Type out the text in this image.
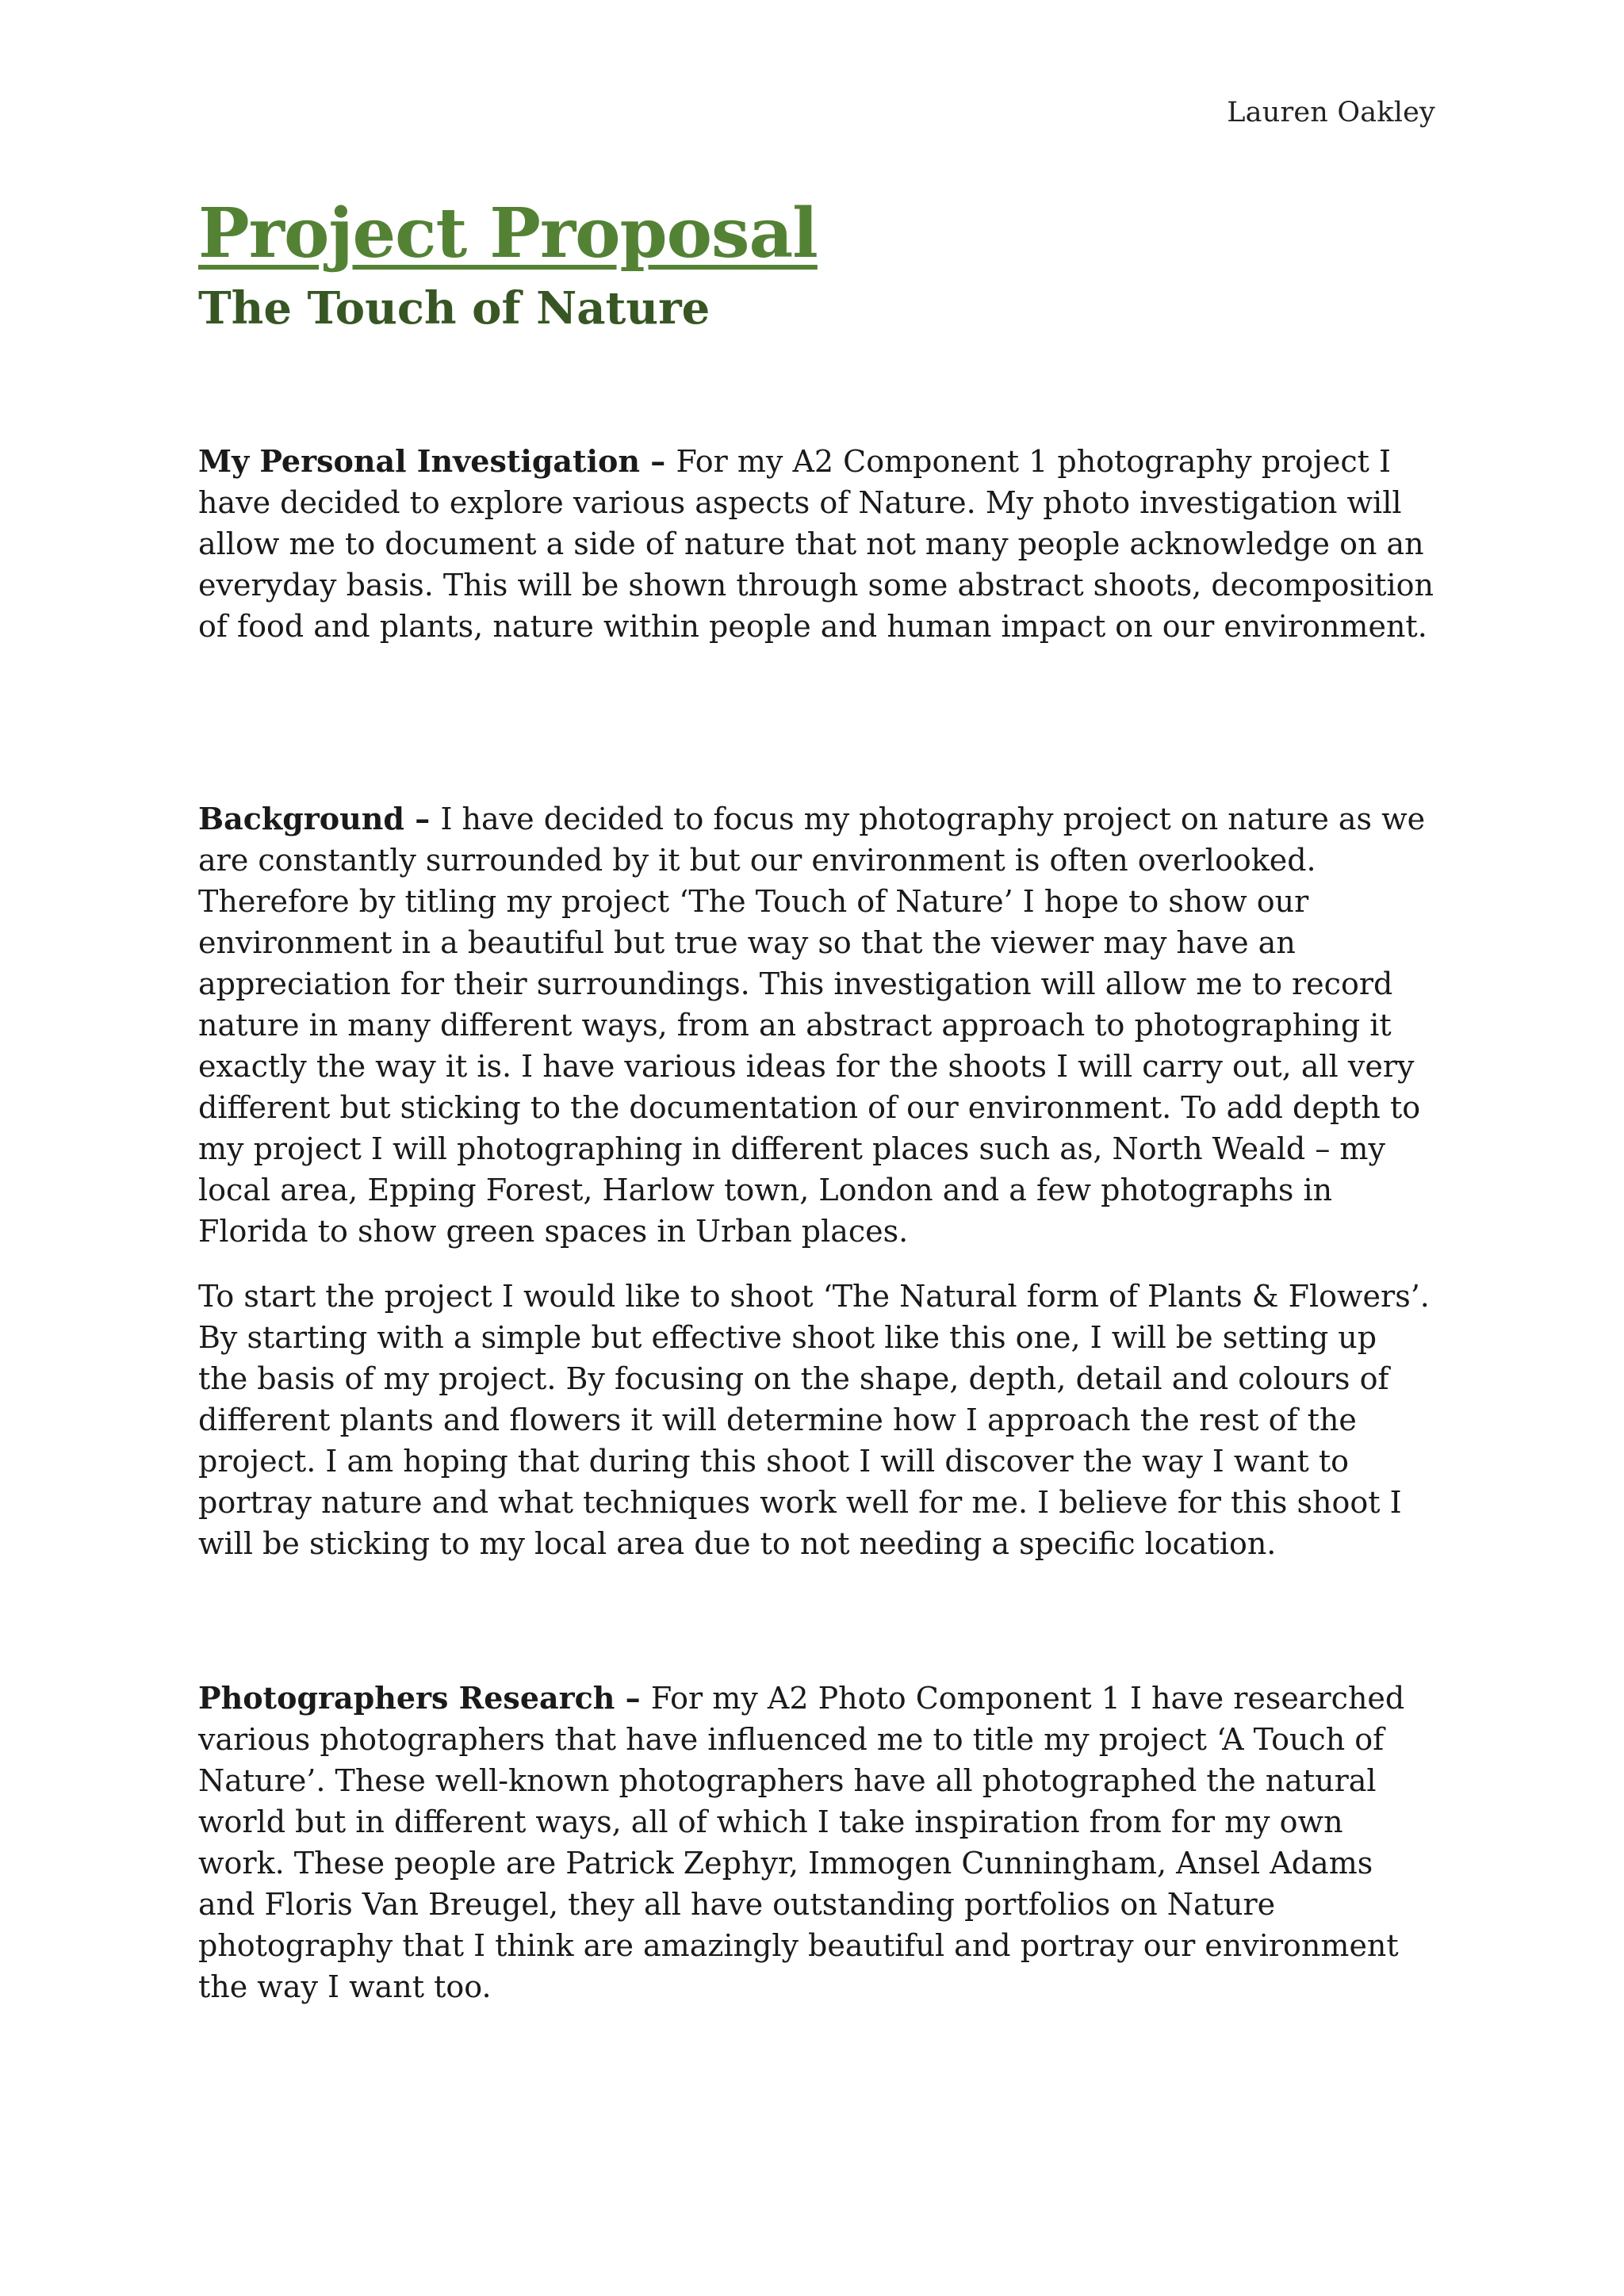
Lauren Oakley
Project Proposal
The Touch of Nature

My Personal Investigation – For my A2 Component 1 photography project I have decided to explore various aspects of Nature. My photo investigation will allow me to document a side of nature that not many people acknowledge on an everyday basis. This will be shown through some abstract shoots, decomposition of food and plants, nature within people and human impact on our environment.

Background – I have decided to focus my photography project on nature as we are constantly surrounded by it but our environment is often overlooked. Therefore by titling my project ‘The Touch of Nature’ I hope to show our environment in a beautiful but true way so that the viewer may have an appreciation for their surroundings. This investigation will allow me to record nature in many different ways, from an abstract approach to photographing it exactly the way it is. I have various ideas for the shoots I will carry out, all very different but sticking to the documentation of our environment. To add depth to my project I will photographing in different places such as, North Weald – my local area, Epping Forest, Harlow town, London and a few photographs in Florida to show green spaces in Urban places.

To start the project I would like to shoot ‘The Natural form of Plants & Flowers’. By starting with a simple but effective shoot like this one, I will be setting up the basis of my project. By focusing on the shape, depth, detail and colours of different plants and flowers it will determine how I approach the rest of the project. I am hoping that during this shoot I will discover the way I want to portray nature and what techniques work well for me. I believe for this shoot I will be sticking to my local area due to not needing a specific location.

Photographers Research – For my A2 Photo Component 1 I have researched various photographers that have influenced me to title my project ‘A Touch of Nature’. These well-known photographers have all photographed the natural world but in different ways, all of which I take inspiration from for my own work. These people are Patrick Zephyr, Immogen Cunningham, Ansel Adams and Floris Van Breugel, they all have outstanding portfolios on Nature photography that I think are amazingly beautiful and portray our environment the way I want too.
